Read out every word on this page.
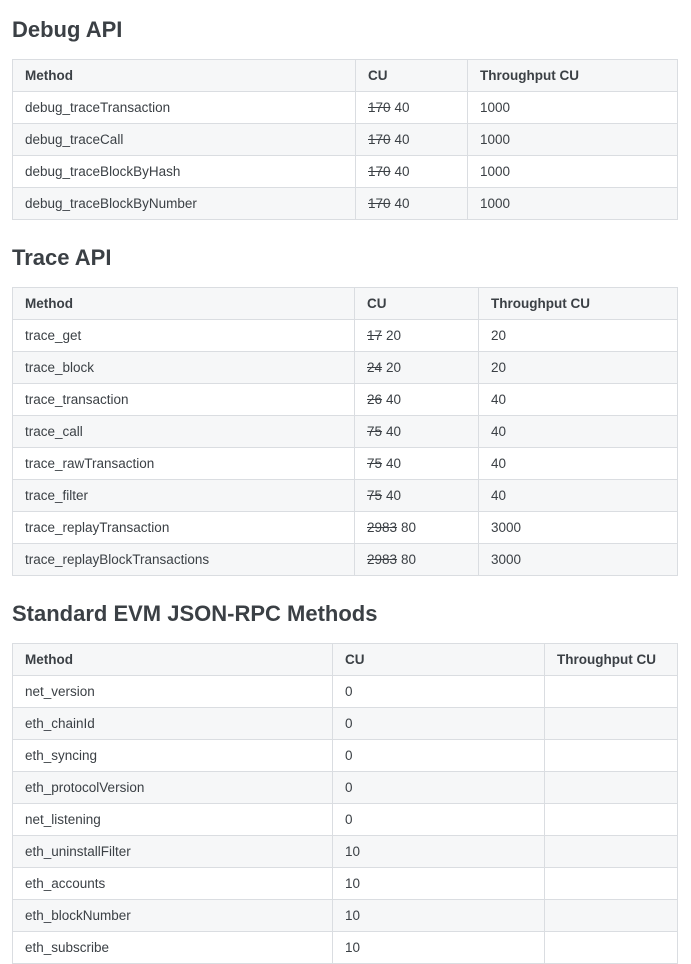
Debug API
Method	CU	Throughput CU
debug_traceTransaction	170 40	1000
debug_traceCall	170 40	1000
debug_traceBlockByHash	170 40	1000
debug_traceBlockByNumber	170 40	1000
Trace API
Method	CU	Throughput CU
trace_get	17 20	20
trace_block	24 20	20
trace_transaction	26 40	40
trace_call	75 40	40
trace_rawTransaction	75 40	40
trace_filter	75 40	40
trace_replayTransaction	2983 80	3000
trace_replayBlockTransactions	2983 80	3000
Standard EVM JSON-RPC Methods
Method	CU	Throughput CU
net_version	0	
eth_chainId	0	
eth_syncing	0	
eth_protocolVersion	0	
net_listening	0	
eth_uninstallFilter	10	
eth_accounts	10	
eth_blockNumber	10	
eth_subscribe	10	
